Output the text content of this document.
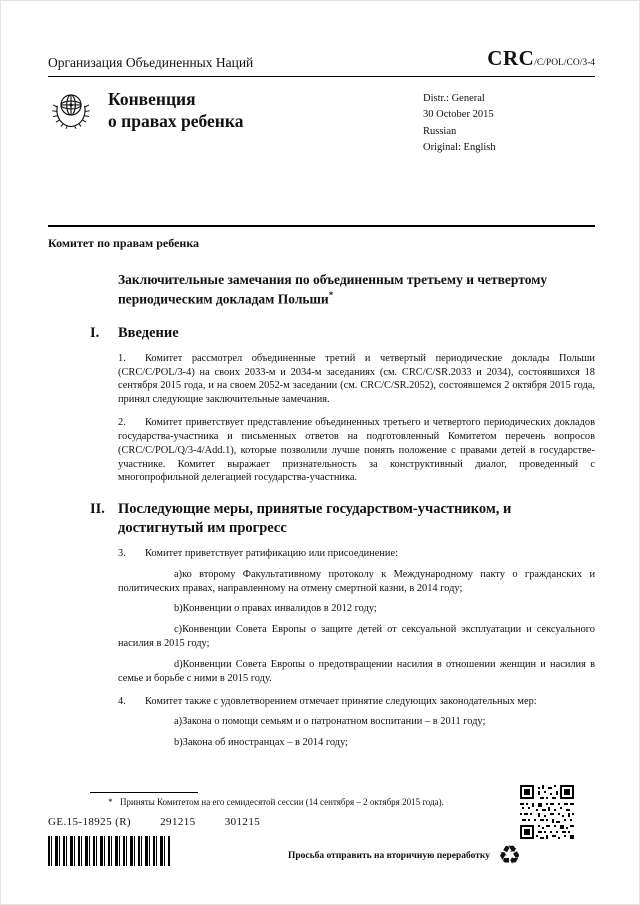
Организация Объединенных Наций	CRC/C/POL/CO/3-4
Конвенция
о правах ребенка
Distr.: General
30 October 2015
Russian
Original: English
Комитет по правам ребенка
Заключительные замечания по объединенным третьему и четвертому периодическим докладам Польши*
I.	Введение

1. Комитет рассмотрел объединенные третий и четвертый периодические доклады Польши (CRC/C/POL/3-4) на своих 2033-м и 2034-м заседаниях (см. CRC/C/SR.2033 и 2034), состоявшихся 18 сентября 2015 года, и на своем 2052-м заседании (см. CRC/C/SR.2052), состоявшемся 2 октября 2015 года, принял следующие заключительные замечания.

2. Комитет приветствует представление объединенных третьего и четвертого периодических докладов государства-участника и письменных ответов на подготовленный Комитетом перечень вопросов (CRC/C/POL/Q/3-4/Add.1), которые позволили лучше понять положение с правами детей в государстве-участнике. Комитет выражает признательность за конструктивный диалог, проведенный с многопрофильной делегацией государства-участника.

II. Последующие меры, принятые государством-участником, и достигнутый им прогресс

3. Комитет приветствует ратификацию или присоединение:

a)ко второму Факультативному протоколу к Международному пакту о гражданских и политических правах, направленному на отмену смертной казни, в 2014 году;

b)Конвенции о правах инвалидов в 2012 году;

c)Конвенции Совета Европы о защите детей от сексуальной эксплуатации и сексуального насилия в 2015 году;

d)Конвенции Совета Европы о предотвращении насилия в отношении женщин и насилия в семье и борьбе с ними в 2015 году.

4. Комитет также с удовлетворением отмечает принятие следующих законодательных мер:

a)Закона о помощи семьям и о патронатном воспитании – в 2011 году;

b)Закона об иностранцах – в 2014 году;

* Приняты Комитетом на его семидесятой сессии (14 сентября – 2 октября 2015 года).
GE.15-18925 (R)	291215	301215
Просьба отправить на вторичную переработку ♻
